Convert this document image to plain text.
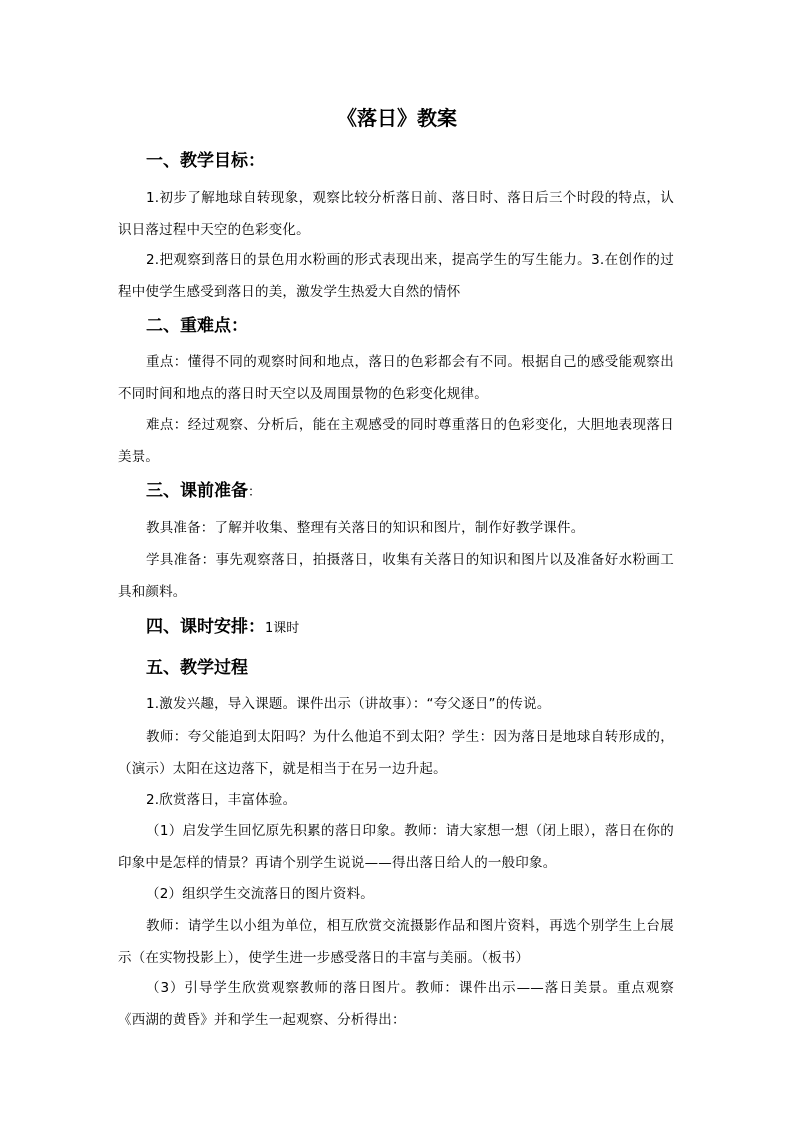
《落日》教案
一、教学目标：
1.初步了解地球自转现象，观察比较分析落日前、落日时、落日后三个时段的特点，认识日落过程中天空的色彩变化。
2.把观察到落日的景色用水粉画的形式表现出来，提高学生的写生能力。3.在创作的过程中使学生感受到落日的美，激发学生热爱大自然的情怀
二、重难点：
重点：懂得不同的观察时间和地点，落日的色彩都会有不同。根据自己的感受能观察出不同时间和地点的落日时天空以及周围景物的色彩变化规律。
难点：经过观察、分析后，能在主观感受的同时尊重落日的色彩变化，大胆地表现落日美景。
三、课前准备：
教具准备：了解并收集、整理有关落日的知识和图片，制作好教学课件。
学具准备：事先观察落日，拍摄落日，收集有关落日的知识和图片以及准备好水粉画工具和颜料。
四、课时安排：1课时
五、教学过程
1.激发兴趣，导入课题。课件出示（讲故事）：“夸父逐日”的传说。
教师：夸父能追到太阳吗？为什么他追不到太阳？学生：因为落日是地球自转形成的，（演示）太阳在这边落下，就是相当于在另一边升起。
2.欣赏落日，丰富体验。
（1）启发学生回忆原先积累的落日印象。教师：请大家想一想（闭上眼），落日在你的印象中是怎样的情景？再请个别学生说说——得出落日给人的一般印象。
（2）组织学生交流落日的图片资料。
教师：请学生以小组为单位，相互欣赏交流摄影作品和图片资料，再选个别学生上台展示（在实物投影上），使学生进一步感受落日的丰富与美丽。（板书）
（3）引导学生欣赏观察教师的落日图片。教师：课件出示——落日美景。重点观察《西湖的黄昏》并和学生一起观察、分析得出：
